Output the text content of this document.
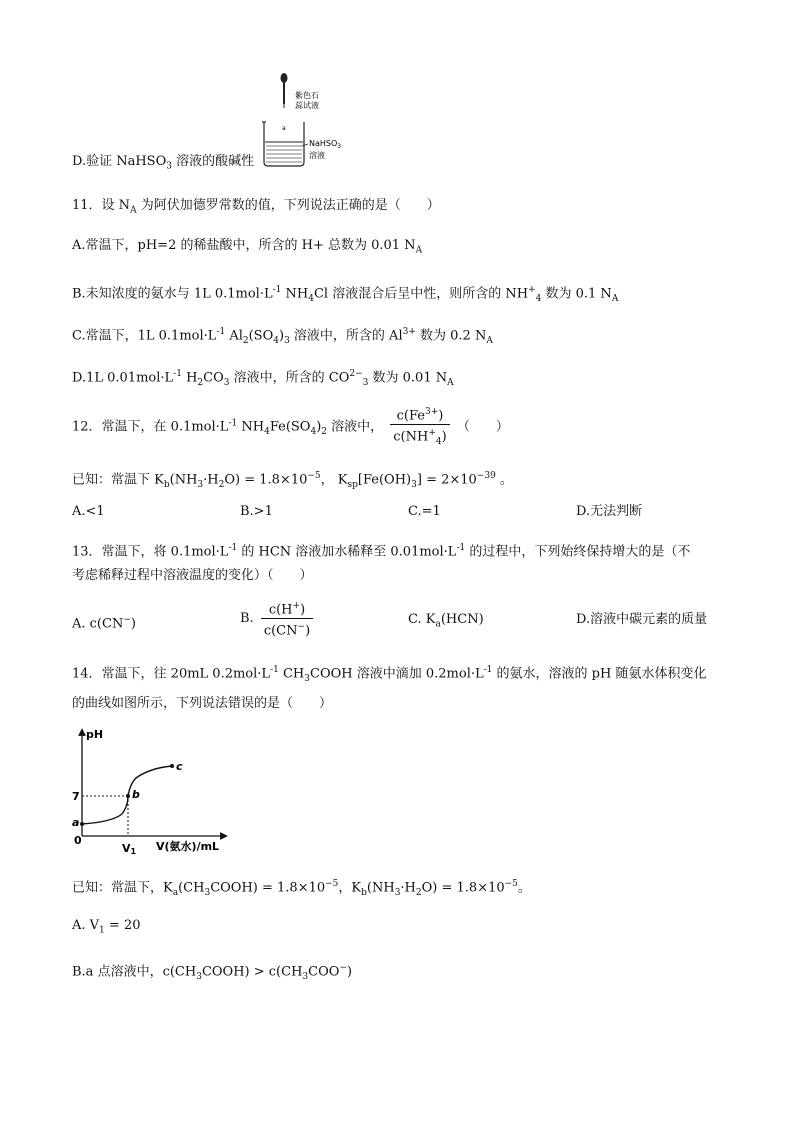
紫色石
蕊试液
a
NaHSO$_3$
溶液
D.验证 NaHSO$_3$ 溶液的酸碱性
11．设 $N_A$ 为阿伏加德罗常数的值，下列说法正确的是（　　）
A.常温下，pH=2 的稀盐酸中，所含的 H+ 总数为 0.01 $N_A$
B.未知浓度的氨水与 1L $0.1mol\cdot L^{-1}$ $NH_4Cl$ 溶液混合后呈中性，则所含的 $NH^+_4$ 数为 0.1 $N_A$
C.常温下，1L $0.1mol\cdot L^{-1}$ $Al_2(SO_4)_3$ 溶液中，所含的 $Al^{3+}$ 数为 0.2 $N_A$
D.1L $0.01mol\cdot L^{-1}$ $H_2CO_3$ 溶液中，所含的 $CO^{2-}_3$ 数为 0.01 $N_A$
12．常温下，在 $0.1mol\cdot L^{-1}$ $NH_4Fe(SO_4)_2$ 溶液中， $\frac{c(Fe^{3+})}{c(NH^+_4)}$ （　　）
已知：常温下 $K_b(NH_3\cdot H_2O) = 1.8\times 10^{-5}$， $K_{sp}[Fe(OH)_3] = 2\times 10^{-39}$ 。
A.<1	B.>1	C.=1	D.无法判断
13．常温下，将 $0.1mol\cdot L^{-1}$ 的 HCN 溶液加水稀释至 $0.01mol\cdot L^{-1}$ 的过程中，下列始终保持增大的是（不
考虑稀释过程中溶液温度的变化）（　　）
A. c(CN−)	B. $\frac{c(H^+)}{c(CN^-)}$	C. $K_a(HCN)$	D.溶液中碳元素的质量
14．常温下，往 20mL $0.2mol\cdot L^{-1}$ $CH_3COOH$ 溶液中滴加 $0.2mol\cdot L^{-1}$ 的氨水，溶液的 pH 随氨水体积变化
的曲线如图所示，下列说法错误的是（　　）
pH
7
0
a
b
c
V1 V(氨水)/mL
已知：常温下，$K_a(CH_3COOH) = 1.8\times 10^{-5}$，$K_b(NH_3\cdot H_2O) = 1.8\times 10^{-5}$。
A. $V_1 = 20$
B.a 点溶液中，$c(CH_3COOH) > c(CH_3COO^-)$
